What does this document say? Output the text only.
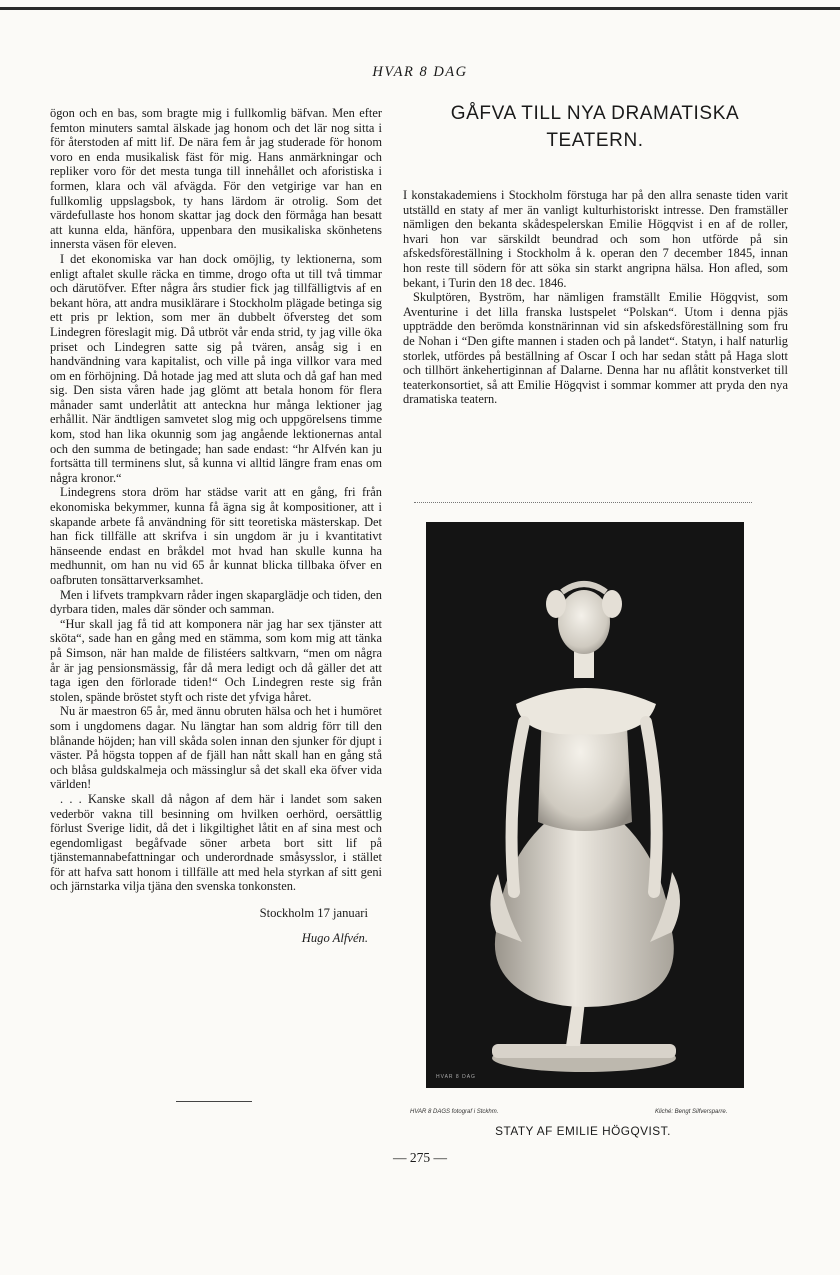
HVAR 8 DAG

ögon och en bas, som bragte mig i fullkomlig bäfvan. Men efter femton minuters samtal älskade jag honom och det lär nog sitta i för återstoden af mitt lif. De nära fem år jag studerade för honom voro en enda musikalisk fäst för mig. Hans anmärkningar och repliker voro för det mesta tunga till innehållet och aforistiska i formen, klara och väl afvägda. För den vetgirige var han en fullkomlig uppslagsbok, ty hans lärdom är otrolig. Som det värdefullaste hos honom skattar jag dock den förmåga han besatt att kunna elda, hänföra, uppenbara den musikaliska skönhetens innersta väsen för eleven.

I det ekonomiska var han dock omöjlig, ty lektionerna, som enligt aftalet skulle räcka en timme, drogo ofta ut till två timmar och därutöfver. Efter några års studier fick jag tillfälligtvis af en bekant höra, att andra musiklärare i Stockholm plägade betinga sig ett pris pr lektion, som mer än dubbelt öfversteg det som Lindegren föreslagit mig. Då utbröt vår enda strid, ty jag ville öka priset och Lindegren satte sig på tvären, ansåg sig i en handvändning vara kapitalist, och ville på inga villkor vara med om en förhöjning. Då hotade jag med att sluta och då gaf han med sig. Den sista våren hade jag glömt att betala honom för flera månader samt underlåtit att anteckna hur många lektioner jag erhållit. När ändtligen samvetet slog mig och uppgörelsens timme kom, stod han lika okunnig som jag angående lektionernas antal och den summa de betingade; han sade endast: “hr Alfvén kan ju fortsätta till terminens slut, så kunna vi alltid längre fram enas om några kronor.“

Lindegrens stora dröm har städse varit att en gång, fri från ekonomiska bekymmer, kunna få ägna sig åt kompositioner, att i skapande arbete få användning för sitt teoretiska mästerskap. Det han fick tillfälle att skrifva i sin ungdom är ju i kvantitativt hänseende endast en bråkdel mot hvad han skulle kunna ha medhunnit, om han nu vid 65 år kunnat blicka tillbaka öfver en oafbruten tonsättarverksamhet.

Men i lifvets trampkvarn råder ingen skaparglädje och tiden, den dyrbara tiden, males där sönder och samman.

“Hur skall jag få tid att komponera när jag har sex tjänster att sköta“, sade han en gång med en stämma, som kom mig att tänka på Simson, när han malde de filistéers saltkvarn, “men om några år är jag pensionsmässig, får då mera ledigt och då gäller det att taga igen den förlorade tiden!“ Och Lindegren reste sig från stolen, spände bröstet styft och riste det yfviga håret.

Nu är maestron 65 år, med ännu obruten hälsa och het i humöret som i ungdomens dagar. Nu längtar han som aldrig förr till den blånande höjden; han vill skåda solen innan den sjunker för djupt i väster. På högsta toppen af de fjäll han nått skall han en gång stå och blåsa guldskalmeja och mässinglur så det skall eka öfver vida världen!

. . . Kanske skall då någon af dem här i landet som saken vederbör vakna till besinning om hvilken oerhörd, oersättlig förlust Sverige lidit, då det i likgiltighet låtit en af sina mest och egendomligast begåfvade söner arbeta bort sitt lif på tjänstemannabefattningar och underordnade småsysslor, i stället för att hafva satt honom i tillfälle att med hela styrkan af sitt geni och järnstarka vilja tjäna den svenska tonkonsten.

Stockholm 17 januari
Hugo Alfvén.
GÅFVA TILL NYA DRAMATISKA
TEATERN.

I konstakademiens i Stockholm förstuga har på den allra senaste tiden varit utställd en staty af mer än vanligt kulturhistoriskt intresse. Den framställer nämligen den bekanta skådespelerskan Emilie Högqvist i en af de roller, hvari hon var särskildt beundrad och som hon utförde på sin afskedsföreställning i Stockholm å k. operan den 7 december 1845, innan hon reste till södern för att söka sin starkt angripna hälsa. Hon afled, som bekant, i Turin den 18 dec. 1846.

Skulptören, Byström, har nämligen framställt Emilie Högqvist, som Aventurine i det lilla franska lustspelet “Polskan“. Utom i denna pjäs uppträdde den berömda konstnärinnan vid sin afskedsföreställning som fru de Nohan i “Den gifte mannen i staden och på landet“. Statyn, i half naturlig storlek, utfördes på beställning af Oscar I och har sedan stått på Haga slott och tillhört änkehertiginnan af Dalarne. Denna har nu aflåtit konstverket till teaterkonsortiet, så att Emilie Högqvist i sommar kommer att pryda den nya dramatiska teatern.

HVAR 8 DAG
HVAR 8 DAGS fotograf i Stckhm.	Kliché: Bengt Silfversparre.
STATY AF EMILIE HÖGQVIST.
— 275 —
